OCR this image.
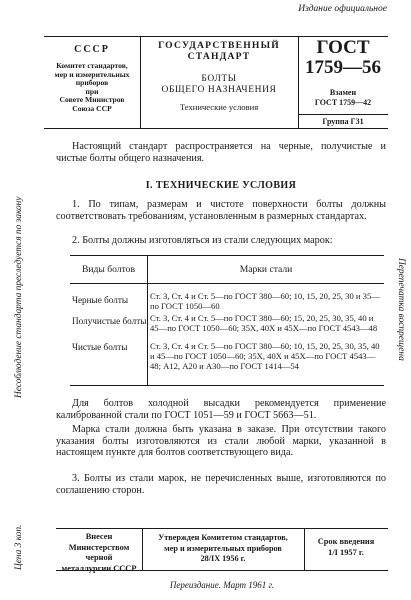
Издание официальное
СССР
Комитет стандартов,
мер и измерительных
приборов
при
Совете Министров
Союза ССР
ГОСУДАРСТВЕННЫЙ
СТАНДАРТ
БОЛТЫ
ОБЩЕГО НАЗНАЧЕНИЯ
Технические условия
ГОСТ
1759—56
Взамен
ГОСТ 1759—42
Группа Г31
Настоящий стандарт распространяется на черные, получистые и чистые болты общего назначения.
I. ТЕХНИЧЕСКИЕ УСЛОВИЯ
1. По типам, размерам и чистоте поверхности болты должны соответствовать требованиям, установленным в размерных стандартах.
2. Болты должны изготовляться из стали следующих марок:
Виды болтов	Марки стали
Черные болты	Ст. 3, Ст. 4 и Ст. 5—по ГОСТ 380—60; 10, 15, 20, 25, 30 и 35—по ГОСТ 1050—60
Получистые болты Ст. 3, Ст. 4 и Ст. 5—по ГОСТ 380—60; 15, 20, 25, 30, 35, 40 и 45—по ГОСТ 1050—60; 35Х, 40Х и 45Х—по ГОСТ 4543—48
Чистые болты	Ст. 3, Ст. 4 и Ст. 5—по ГОСТ 380—60; 10, 15, 20, 25, 30, 35, 40 и 45—по ГОСТ 1050—60; 35Х, 40Х и 45Х—по ГОСТ 4543—48; А12, А20 и А30—по ГОСТ 1414—54
Для болтов холодной высадки рекомендуется применение калиброванной стали по ГОСТ 1051—59 и ГОСТ 5663—51.
Марка стали должна быть указана в заказе. При отсутствии такого указания болты изготовляются из стали любой марки, указанной в настоящем пункте для болтов соответствующего вида.
3. Болты из стали марок, не перечисленных выше, изготовляются по соглашению сторон.
Внесен Министерством
черной
металлургии СССР
Утвержден Комитетом стандартов,
мер и измерительных приборов
28/IX 1956 г.
Срок введения
1/I 1957 г.
Переиздание. Март 1961 г.
Несоблюдение стандарта преследуется по закону
Цена 3 коп.
Перепечатка воспрещена
